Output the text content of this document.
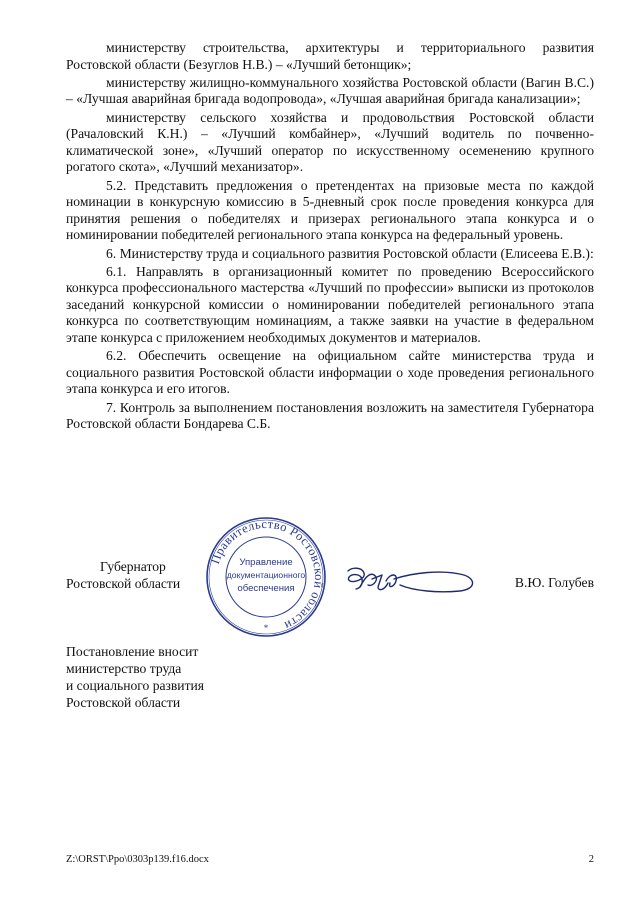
министерству строительства, архитектуры и территориального развития Ростовской области (Безуглов Н.В.) – «Лучший бетонщик»;

министерству жилищно-коммунального хозяйства Ростовской области (Вагин В.С.) – «Лучшая аварийная бригада водопровода», «Лучшая аварийная бригада канализации»;

министерству сельского хозяйства и продовольствия Ростовской области (Рачаловский К.Н.) – «Лучший комбайнер», «Лучший водитель по почвенно-климатической зоне», «Лучший оператор по искусственному осеменению крупного рогатого скота», «Лучший механизатор».

5.2. Представить предложения о претендентах на призовые места по каждой номинации в конкурсную комиссию в 5-дневный срок после проведения конкурса для принятия решения о победителях и призерах регионального этапа конкурса и о номинировании победителей регионального этапа конкурса на федеральный уровень.

6. Министерству труда и социального развития Ростовской области (Елисеева Е.В.):

6.1. Направлять в организационный комитет по проведению Всероссийского конкурса профессионального мастерства «Лучший по профессии» выписки из протоколов заседаний конкурсной комиссии о номинировании победителей регионального этапа конкурса по соответствующим номинациям, а также заявки на участие в федеральном этапе конкурса с приложением необходимых документов и материалов.

6.2. Обеспечить освещение на официальном сайте министерства труда и социального развития Ростовской области информации о ходе проведения регионального этапа конкурса и его итогов.

7. Контроль за выполнением постановления возложить на заместителя Губернатора Ростовской области Бондарева С.Б.

Губернатор
Ростовской области
Правительство Ростовской области
Управление
документационного
обеспечения
*
В.Ю. Голубев
Постановление вносит
министерство труда
и социального развития
Ростовской области
Z:\ORST\Ppo\0303p139.f16.docx	2
